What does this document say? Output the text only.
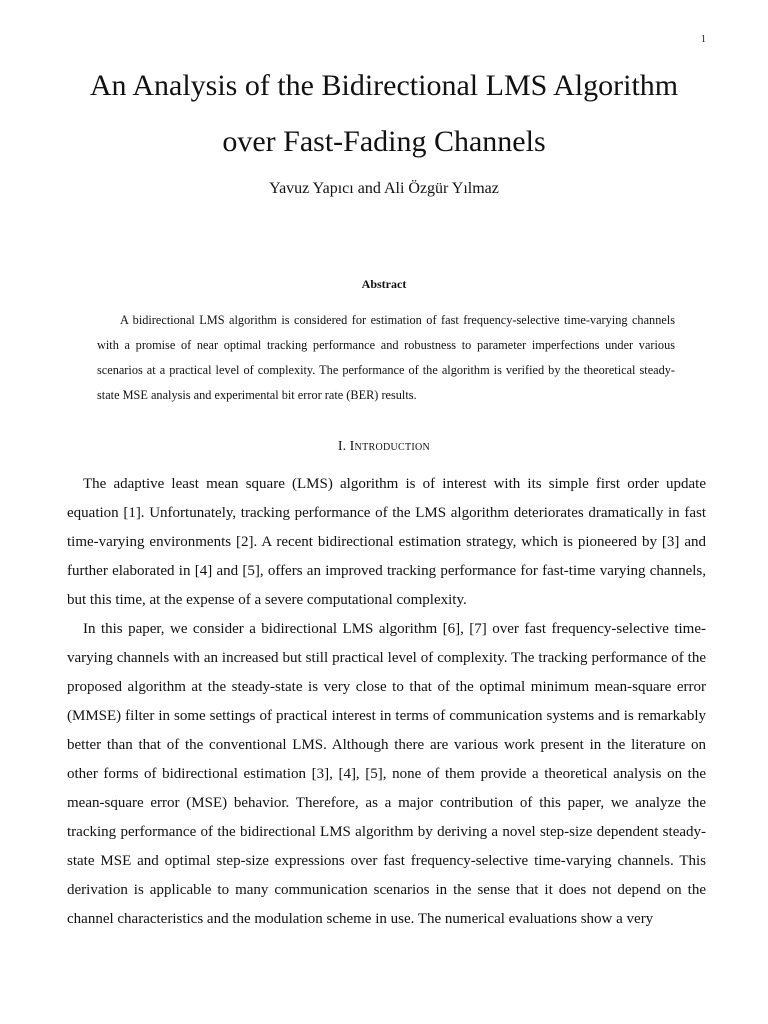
1
An Analysis of the Bidirectional LMS Algorithm
over Fast-Fading Channels
Yavuz Yapıcı and Ali Özgür Yılmaz
Abstract

A bidirectional LMS algorithm is considered for estimation of fast frequency-selective time-varying channels with a promise of near optimal tracking performance and robustness to parameter imperfections under various scenarios at a practical level of complexity. The performance of the algorithm is verified by the theoretical steady-state MSE analysis and experimental bit error rate (BER) results.

I. Introduction

The adaptive least mean square (LMS) algorithm is of interest with its simple first order update equation [1]. Unfortunately, tracking performance of the LMS algorithm deteriorates dramatically in fast time-varying environments [2]. A recent bidirectional estimation strategy, which is pioneered by [3] and further elaborated in [4] and [5], offers an improved tracking performance for fast-time varying channels, but this time, at the expense of a severe computational complexity.

In this paper, we consider a bidirectional LMS algorithm [6], [7] over fast frequency-selective time-varying channels with an increased but still practical level of complexity. The tracking performance of the proposed algorithm at the steady-state is very close to that of the optimal minimum mean-square error (MMSE) filter in some settings of practical interest in terms of communication systems and is remarkably better than that of the conventional LMS. Although there are various work present in the literature on other forms of bidirectional estimation [3], [4], [5], none of them provide a theoretical analysis on the mean-square error (MSE) behavior. Therefore, as a major contribution of this paper, we analyze the tracking performance of the bidirectional LMS algorithm by deriving a novel step-size dependent steady-state MSE and optimal step-size expressions over fast frequency-selective time-varying channels. This derivation is applicable to many communication scenarios in the sense that it does not depend on the channel characteristics and the modulation scheme in use. The numerical evaluations show a very
